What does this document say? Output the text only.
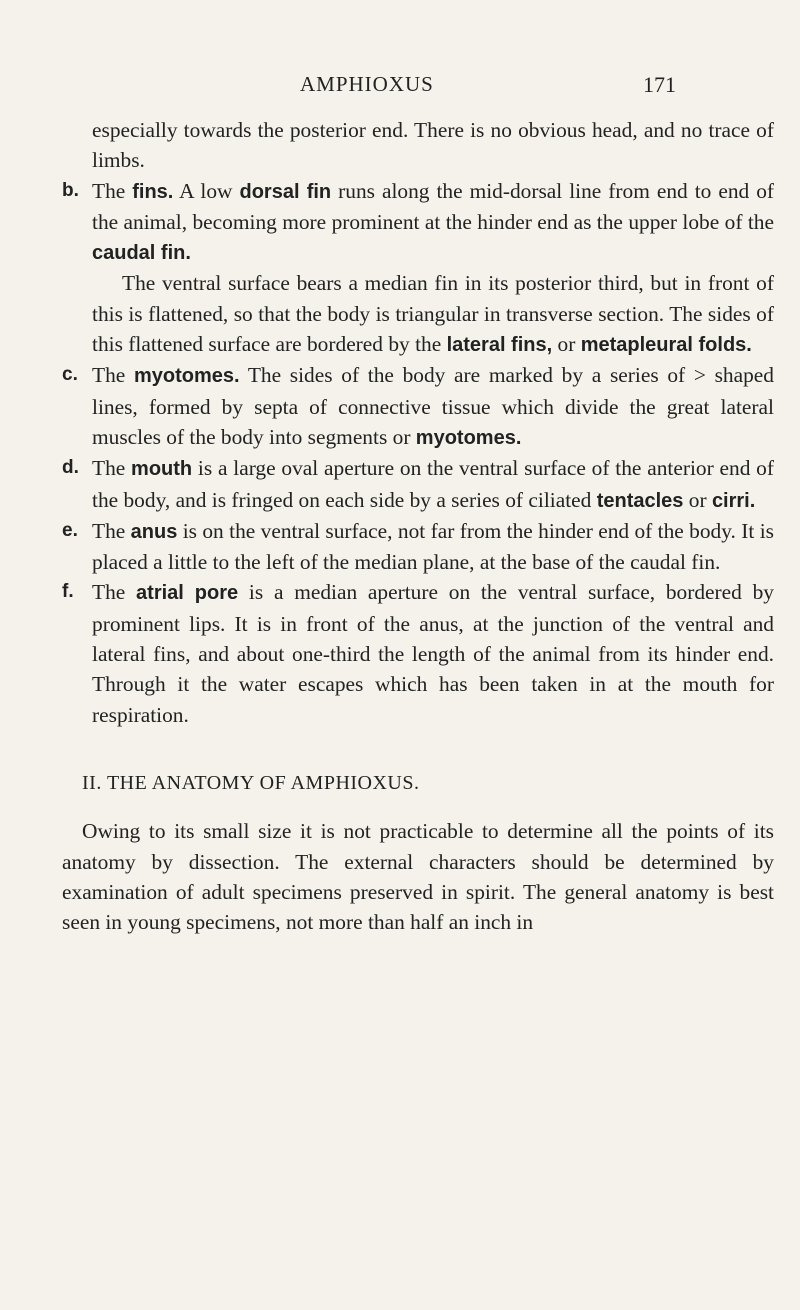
AMPHIOXUS	171

especially towards the posterior end. There is no obvious head, and no trace of limbs.

b. The fins. A low dorsal fin runs along the mid-dorsal line from end to end of the animal, becoming more prominent at the hinder end as the upper lobe of the caudal fin.

The ventral surface bears a median fin in its posterior third, but in front of this is flattened, so that the body is triangular in transverse section. The sides of this flattened surface are bordered by the lateral fins, or metapleural folds.

c. The myotomes. The sides of the body are marked by a series of > shaped lines, formed by septa of connective tissue which divide the great lateral muscles of the body into segments or myotomes.
d. The mouth is a large oval aperture on the ventral surface of the anterior end of the body, and is fringed on each side by a series of ciliated tentacles or cirri.
e. The anus is on the ventral surface, not far from the hinder end of the body. It is placed a little to the left of the median plane, at the base of the caudal fin.
f. The atrial pore is a median aperture on the ventral surface, bordered by prominent lips. It is in front of the anus, at the junction of the ventral and lateral fins, and about one-third the length of the animal from its hinder end. Through it the water escapes which has been taken in at the mouth for respiration.
II. THE ANATOMY OF AMPHIOXUS.

Owing to its small size it is not practicable to determine all the points of its anatomy by dissection. The external characters should be determined by examination of adult specimens preserved in spirit. The general anatomy is best seen in young specimens, not more than half an inch in
